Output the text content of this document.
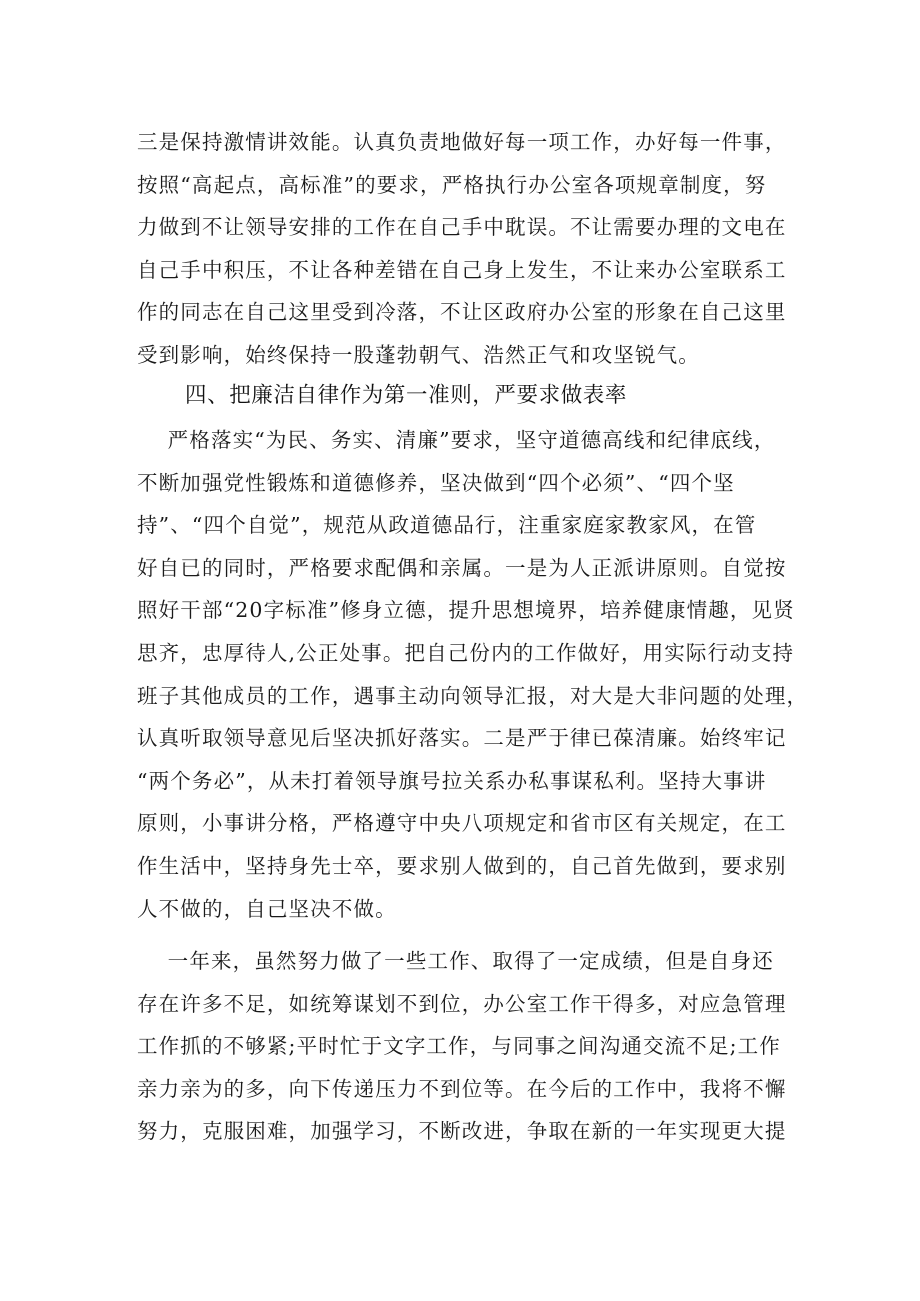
三是保持激情讲效能。认真负责地做好每一项工作，办好每一件事，
按照“高起点，高标准”的要求，严格执行办公室各项规章制度，努
力做到不让领导安排的工作在自己手中耽误。不让需要办理的文电在
自己手中积压，不让各种差错在自己身上发生，不让来办公室联系工
作的同志在自己这里受到冷落，不让区政府办公室的形象在自己这里
受到影响，始终保持一股蓬勃朝气、浩然正气和攻坚锐气。
四、把廉洁自律作为第一准则，严要求做表率
严格落实“为民、务实、清廉”要求，坚守道德高线和纪律底线，
不断加强党性锻炼和道德修养，坚决做到“四个必须”、“四个坚
持”、“四个自觉”，规范从政道德品行，注重家庭家教家风，在管
好自已的同时，严格要求配偶和亲属。一是为人正派讲原则。自觉按
照好干部“20字标准”修身立德，提升思想境界，培养健康情趣，见贤
思齐，忠厚待人,公正处事。把自己份内的工作做好，用实际行动支持
班子其他成员的工作，遇事主动向领导汇报，对大是大非问题的处理，
认真听取领导意见后坚决抓好落实。二是严于律已葆清廉。始终牢记
“两个务必”，从未打着领导旗号拉关系办私事谋私利。坚持大事讲
原则，小事讲分格，严格遵守中央八项规定和省市区有关规定，在工
作生活中，坚持身先士卒，要求别人做到的，自己首先做到，要求别
人不做的，自己坚决不做。
一年来，虽然努力做了一些工作、取得了一定成绩，但是自身还
存在许多不足，如统筹谋划不到位，办公室工作干得多，对应急管理
工作抓的不够紧;平时忙于文字工作，与同事之间沟通交流不足;工作
亲力亲为的多，向下传递压力不到位等。在今后的工作中，我将不懈
努力，克服困难，加强学习，不断改进，争取在新的一年实现更大提
